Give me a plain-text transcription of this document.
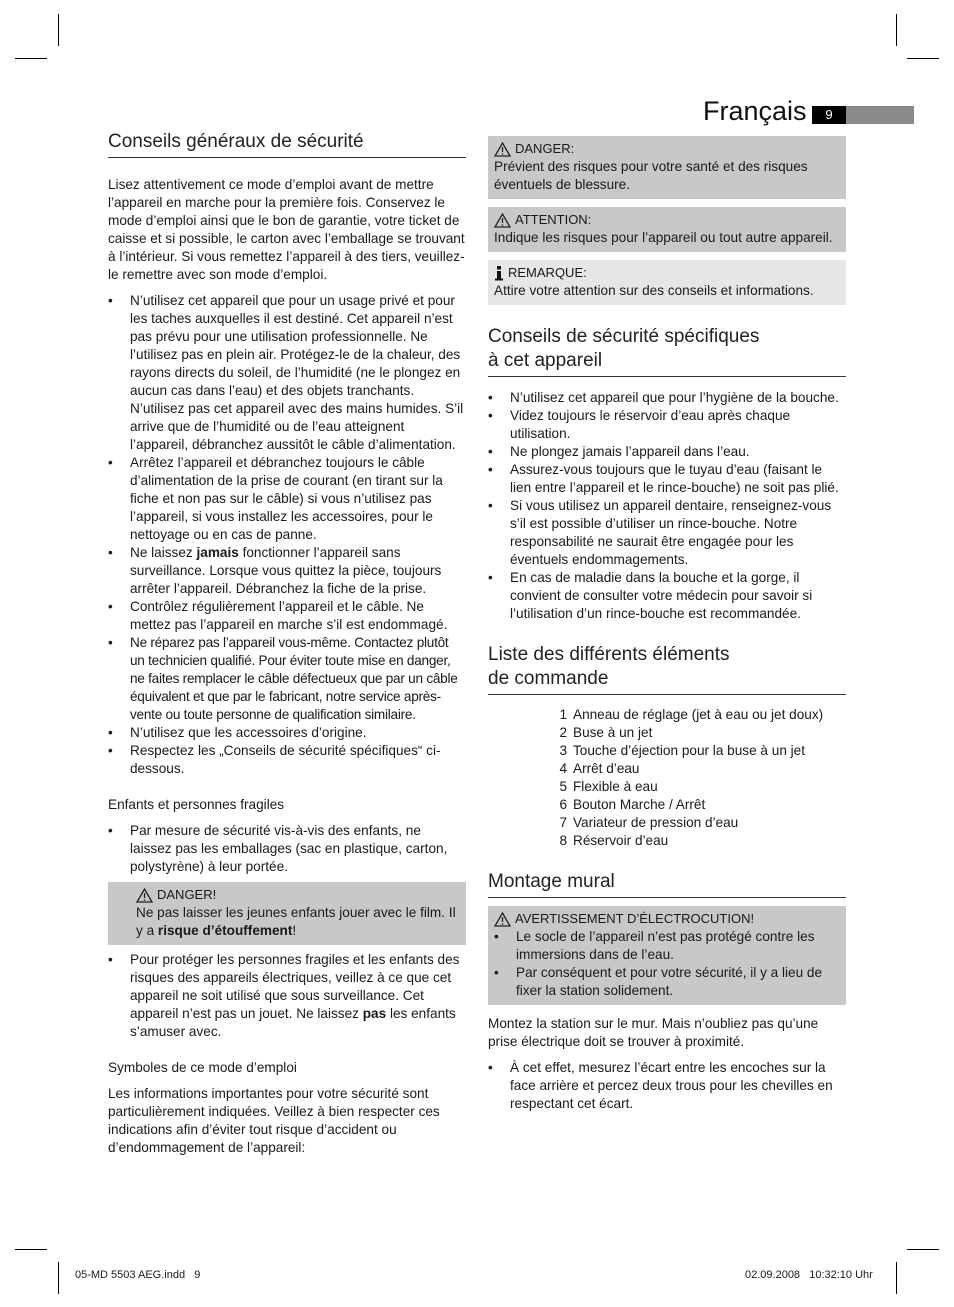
Français	9
Conseils généraux de sécurité

Lisez attentivement ce mode d’emploi avant de mettre l’appareil en marche pour la première fois. Conservez le mode d’emploi ainsi que le bon de garantie, votre ticket de caisse et si possible, le carton avec l’emballage se trouvant à l’intérieur. Si vous remettez l’appareil à des tiers, veuillez-le remettre avec son mode d’emploi.

• N’utilisez cet appareil que pour un usage privé et pour les taches auxquelles il est destiné. Cet appareil n’est pas prévu pour une utilisation professionnelle. Ne l’utilisez pas en plein air. Protégez-le de la chaleur, des rayons directs du soleil, de l’humidité (ne le plongez en aucun cas dans l’eau) et des objets tranchants. N’utilisez pas cet appareil avec des mains humides. S’il arrive que de l’humidité ou de l’eau atteignent l’appareil, débranchez aussitôt le câble d’alimentation.
• Arrêtez l’appareil et débranchez toujours le câble d’alimentation de la prise de courant (en tirant sur la fiche et non pas sur le câble) si vous n’utilisez pas l’appareil, si vous installez les accessoires, pour le nettoyage ou en cas de panne.
• Ne laissez jamais fonctionner l’appareil sans surveillance. Lorsque vous quittez la pièce, toujours arrêter l’appareil. Débranchez la fiche de la prise.
• Contrôlez régulièrement l’appareil et le câble. Ne mettez pas l’appareil en marche s’il est endommagé.
• Ne réparez pas l’appareil vous-même. Contactez plutôt un technicien qualifié. Pour éviter toute mise en danger, ne faites remplacer le câble défectueux que par un câble équivalent et que par le fabricant, notre service après-vente ou toute personne de qualification similaire.
• N’utilisez que les accessoires d’origine.
• Respectez les „Conseils de sécurité spécifiques“ ci-dessous.

Enfants et personnes fragiles

• Par mesure de sécurité vis-à-vis des enfants, ne laissez pas les emballages (sac en plastique, carton, polystyrène) à leur portée.
DANGER!
Ne pas laisser les jeunes enfants jouer avec le film. Il y a risque d’étouffement!
• Pour protéger les personnes fragiles et les enfants des risques des appareils électriques, veillez à ce que cet appareil ne soit utilisé que sous surveillance. Cet appareil n’est pas un jouet. Ne laissez pas les enfants s’amuser avec.

Symboles de ce mode d’emploi

Les informations importantes pour votre sécurité sont particulièrement indiquées. Veillez à bien respecter ces indications afin d’éviter tout risque d’accident ou d’endommagement de l’appareil:

DANGER:
Prévient des risques pour votre santé et des risques éventuels de blessure.
ATTENTION:
Indique les risques pour l’appareil ou tout autre appareil.
REMARQUE:
Attire votre attention sur des conseils et informations.
Conseils de sécurité spécifiques
à cet appareil
• N’utilisez cet appareil que pour l’hygiène de la bouche.
• Videz toujours le réservoir d’eau après chaque utilisation.
• Ne plongez jamais l’appareil dans l’eau.
• Assurez-vous toujours que le tuyau d’eau (faisant le lien entre l’appareil et le rince-bouche) ne soit pas plié.
• Si vous utilisez un appareil dentaire, renseignez-vous s’il est possible d’utiliser un rince-bouche. Notre responsabilité ne saurait être engagée pour les éventuels endommagements.
• En cas de maladie dans la bouche et la gorge, il convient de consulter votre médecin pour savoir si l’utilisation d’un rince-bouche est recommandée.
Liste des différents éléments
de commande
1 Anneau de réglage (jet à eau ou jet doux)
2 Buse à un jet
3 Touche d’éjection pour la buse à un jet
4 Arrêt d’eau
5 Flexible à eau
6 Bouton Marche / Arrêt
7 Variateur de pression d’eau
8 Réservoir d’eau
Montage mural
AVERTISSEMENT D’ÉLECTROCUTION!
• Le socle de l’appareil n’est pas protégé contre les immersions dans de l’eau.
• Par conséquent et pour votre sécurité, il y a lieu de fixer la station solidement.

Montez la station sur le mur. Mais n’oubliez pas qu’une prise électrique doit se trouver à proximité.

• À cet effet, mesurez l’écart entre les encoches sur la face arrière et percez deux trous pour les chevilles en respectant cet écart.
05-MD 5503 AEG.indd   9	02.09.2008   10:32:10 Uhr
